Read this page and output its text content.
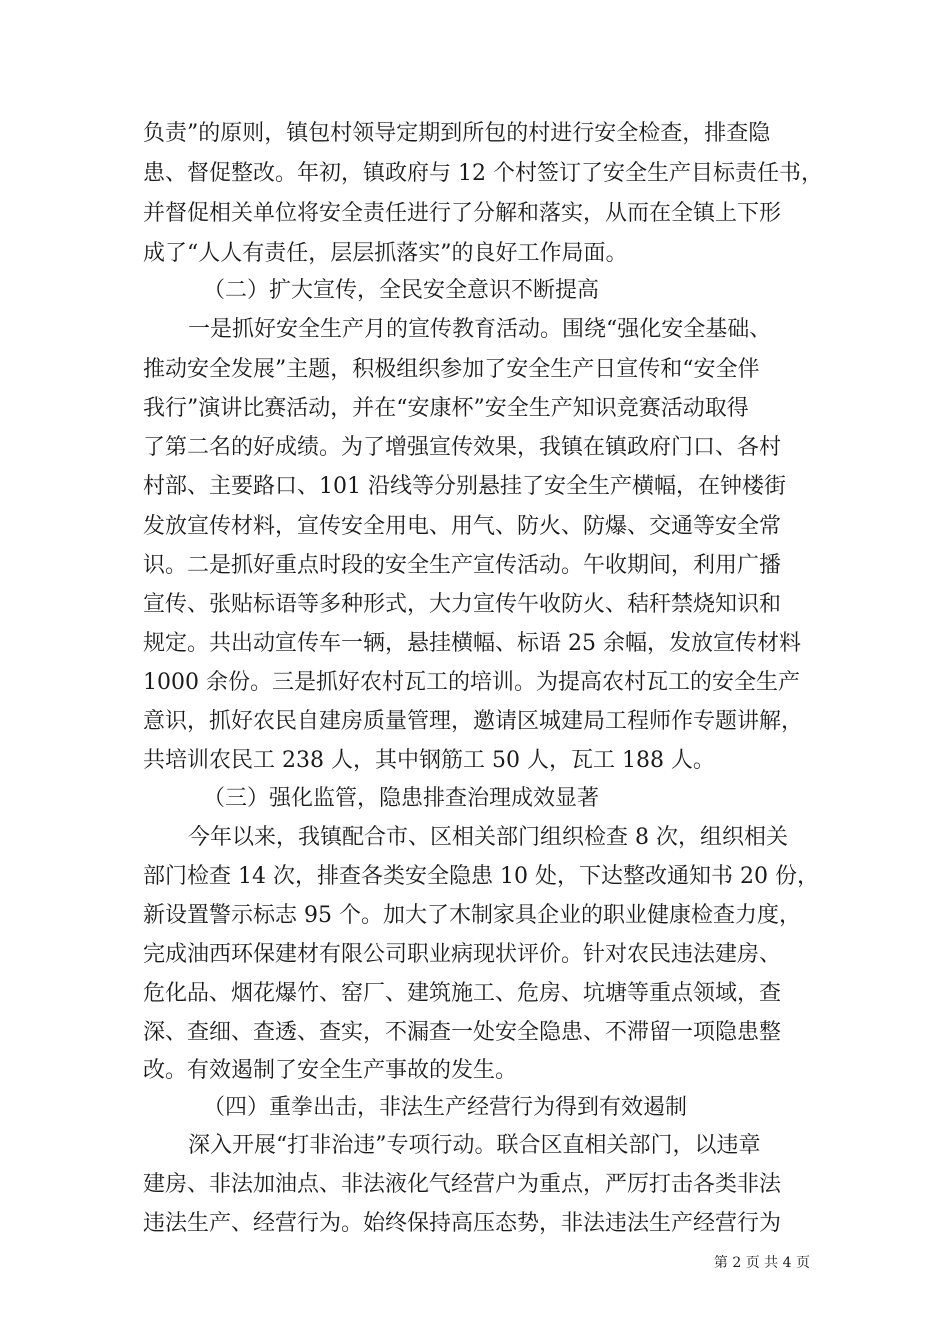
负责”的原则，镇包村领导定期到所包的村进行安全检查，排查隐
患、督促整改。年初，镇政府与 12 个村签订了安全生产目标责任书，
并督促相关单位将安全责任进行了分解和落实，从而在全镇上下形
成了“人人有责任，层层抓落实”的良好工作局面。
（二）扩大宣传，全民安全意识不断提高
一是抓好安全生产月的宣传教育活动。围绕“强化安全基础、
推动安全发展”主题，积极组织参加了安全生产日宣传和“安全伴
我行”演讲比赛活动，并在“安康杯”安全生产知识竞赛活动取得
了第二名的好成绩。为了增强宣传效果，我镇在镇政府门口、各村
村部、主要路口、101 沿线等分别悬挂了安全生产横幅，在钟楼街
发放宣传材料，宣传安全用电、用气、防火、防爆、交通等安全常
识。二是抓好重点时段的安全生产宣传活动。午收期间，利用广播
宣传、张贴标语等多种形式，大力宣传午收防火、秸秆禁烧知识和
规定。共出动宣传车一辆，悬挂横幅、标语 25 余幅，发放宣传材料
1000 余份。三是抓好农村瓦工的培训。为提高农村瓦工的安全生产
意识，抓好农民自建房质量管理，邀请区城建局工程师作专题讲解，
共培训农民工 238 人，其中钢筋工 50 人，瓦工 188 人。
（三）强化监管，隐患排查治理成效显著
今年以来，我镇配合市、区相关部门组织检查 8 次，组织相关
部门检查 14 次，排查各类安全隐患 10 处，下达整改通知书 20 份，
新设置警示标志 95 个。加大了木制家具企业的职业健康检查力度，
完成油西环保建材有限公司职业病现状评价。针对农民违法建房、
危化品、烟花爆竹、窑厂、建筑施工、危房、坑塘等重点领域，查
深、查细、查透、查实，不漏查一处安全隐患、不滞留一项隐患整
改。有效遏制了安全生产事故的发生。
（四）重拳出击，非法生产经营行为得到有效遏制
深入开展“打非治违”专项行动。联合区直相关部门，以违章
建房、非法加油点、非法液化气经营户为重点，严厉打击各类非法
违法生产、经营行为。始终保持高压态势，非法违法生产经营行为
第 2 页 共 4 页
